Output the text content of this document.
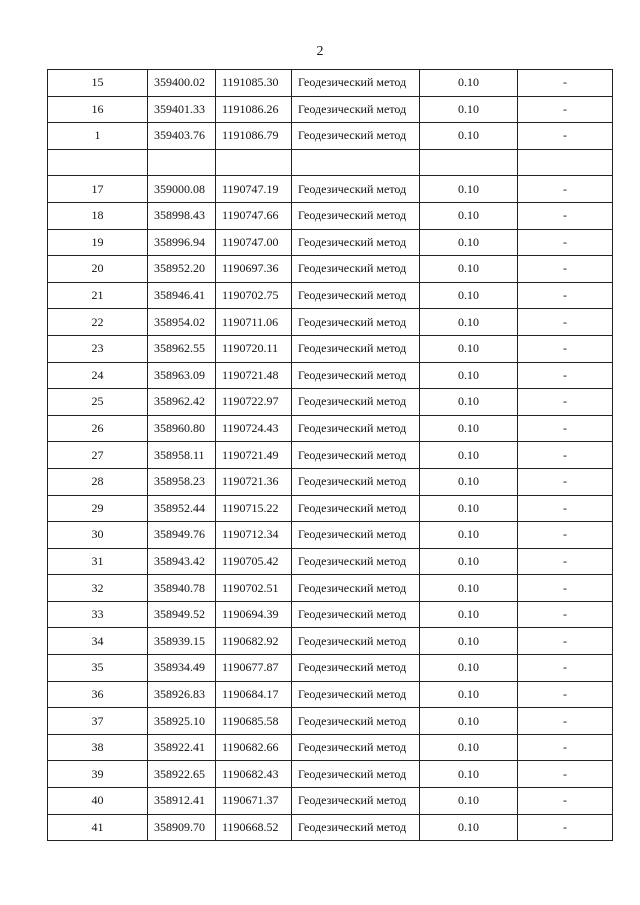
2
15	359400.02	1191085.30	Геодезический метод	0.10	-
16	359401.33	1191086.26	Геодезический метод	0.10	-
1	359403.76	1191086.79	Геодезический метод	0.10	-

17	359000.08	1190747.19	Геодезический метод	0.10	-
18	358998.43	1190747.66	Геодезический метод	0.10	-
19	358996.94	1190747.00	Геодезический метод	0.10	-
20	358952.20	1190697.36	Геодезический метод	0.10	-
21	358946.41	1190702.75	Геодезический метод	0.10	-
22	358954.02	1190711.06	Геодезический метод	0.10	-
23	358962.55	1190720.11	Геодезический метод	0.10	-
24	358963.09	1190721.48	Геодезический метод	0.10	-
25	358962.42	1190722.97	Геодезический метод	0.10	-
26	358960.80	1190724.43	Геодезический метод	0.10	-
27	358958.11	1190721.49	Геодезический метод	0.10	-
28	358958.23	1190721.36	Геодезический метод	0.10	-
29	358952.44	1190715.22	Геодезический метод	0.10	-
30	358949.76	1190712.34	Геодезический метод	0.10	-
31	358943.42	1190705.42	Геодезический метод	0.10	-
32	358940.78	1190702.51	Геодезический метод	0.10	-
33	358949.52	1190694.39	Геодезический метод	0.10	-
34	358939.15	1190682.92	Геодезический метод	0.10	-
35	358934.49	1190677.87	Геодезический метод	0.10	-
36	358926.83	1190684.17	Геодезический метод	0.10	-
37	358925.10	1190685.58	Геодезический метод	0.10	-
38	358922.41	1190682.66	Геодезический метод	0.10	-
39	358922.65	1190682.43	Геодезический метод	0.10	-
40	358912.41	1190671.37	Геодезический метод	0.10	-
41	358909.70	1190668.52	Геодезический метод	0.10	-
